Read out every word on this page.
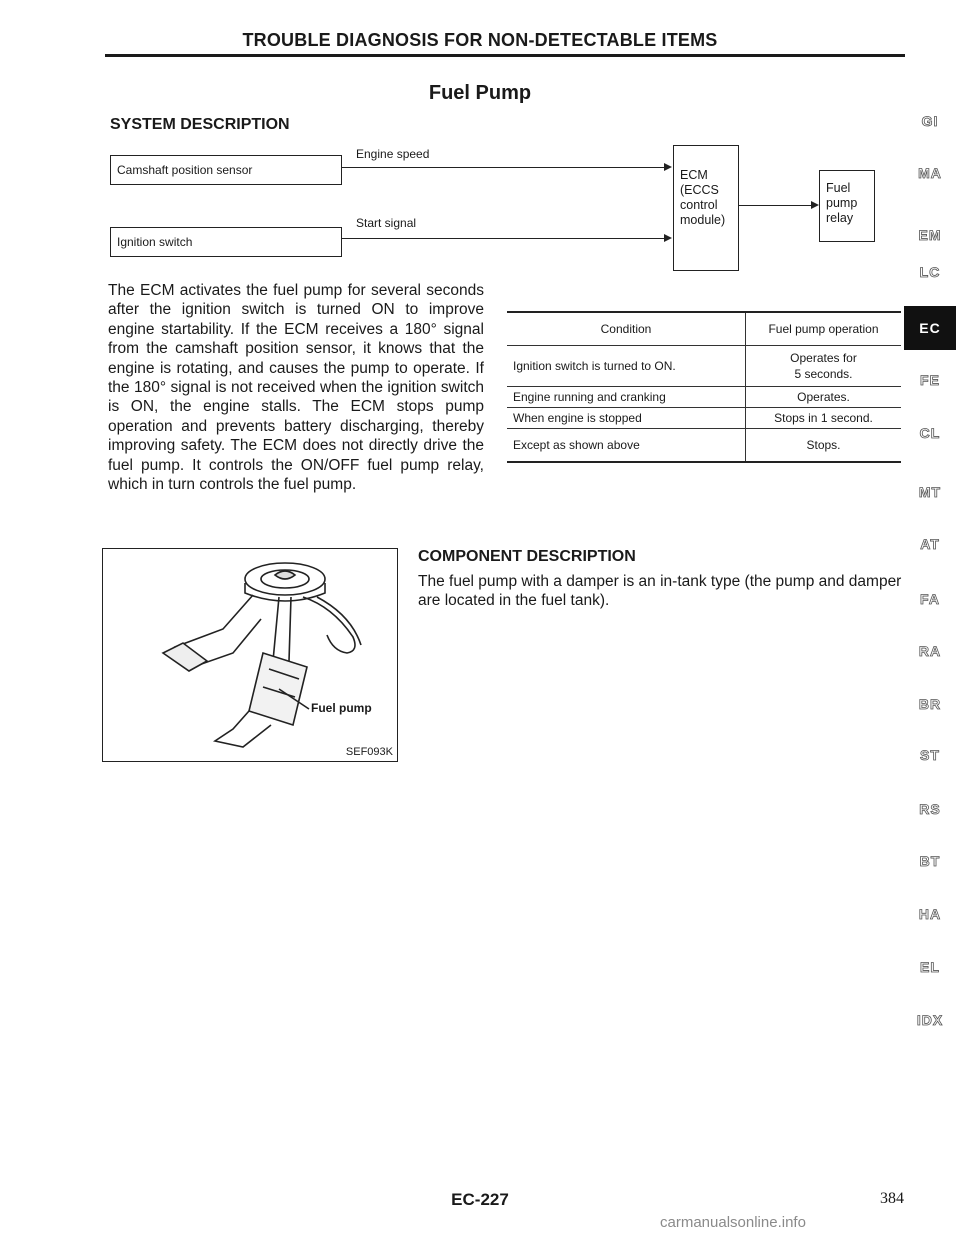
TROUBLE DIAGNOSIS FOR NON-DETECTABLE ITEMS
Fuel Pump
SYSTEM DESCRIPTION
Camshaft position sensor
Engine speed
Ignition switch
Start signal
ECM
(ECCS
control
module)
Fuel
pump
relay
The ECM activates the fuel pump for several seconds after the ignition switch is turned ON to improve engine startability. If the ECM receives a 180° signal from the camshaft position sensor, it knows that the engine is rotating, and causes the pump to operate. If the 180° signal is not received when the ignition switch is ON, the engine stalls. The ECM stops pump operation and prevents battery discharging, thereby improving safety. The ECM does not directly drive the fuel pump. It controls the ON/OFF fuel pump relay, which in turn controls the fuel pump.
Condition	Fuel pump operation
Ignition switch is turned to ON.	Operates for
5 seconds.
Engine running and cranking	Operates.
When engine is stopped	Stops in 1 second.
Except as shown above	Stops.
Fuel pump
SEF093K
COMPONENT DESCRIPTION
The fuel pump with a damper is an in-tank type (the pump and damper are located in the fuel tank).
GI
MA
EM
LC
EC
FE
CL
MT
AT
FA
RA
BR
ST
RS
BT
HA
EL
IDX
EC-227	384
carmanualsonline.info
